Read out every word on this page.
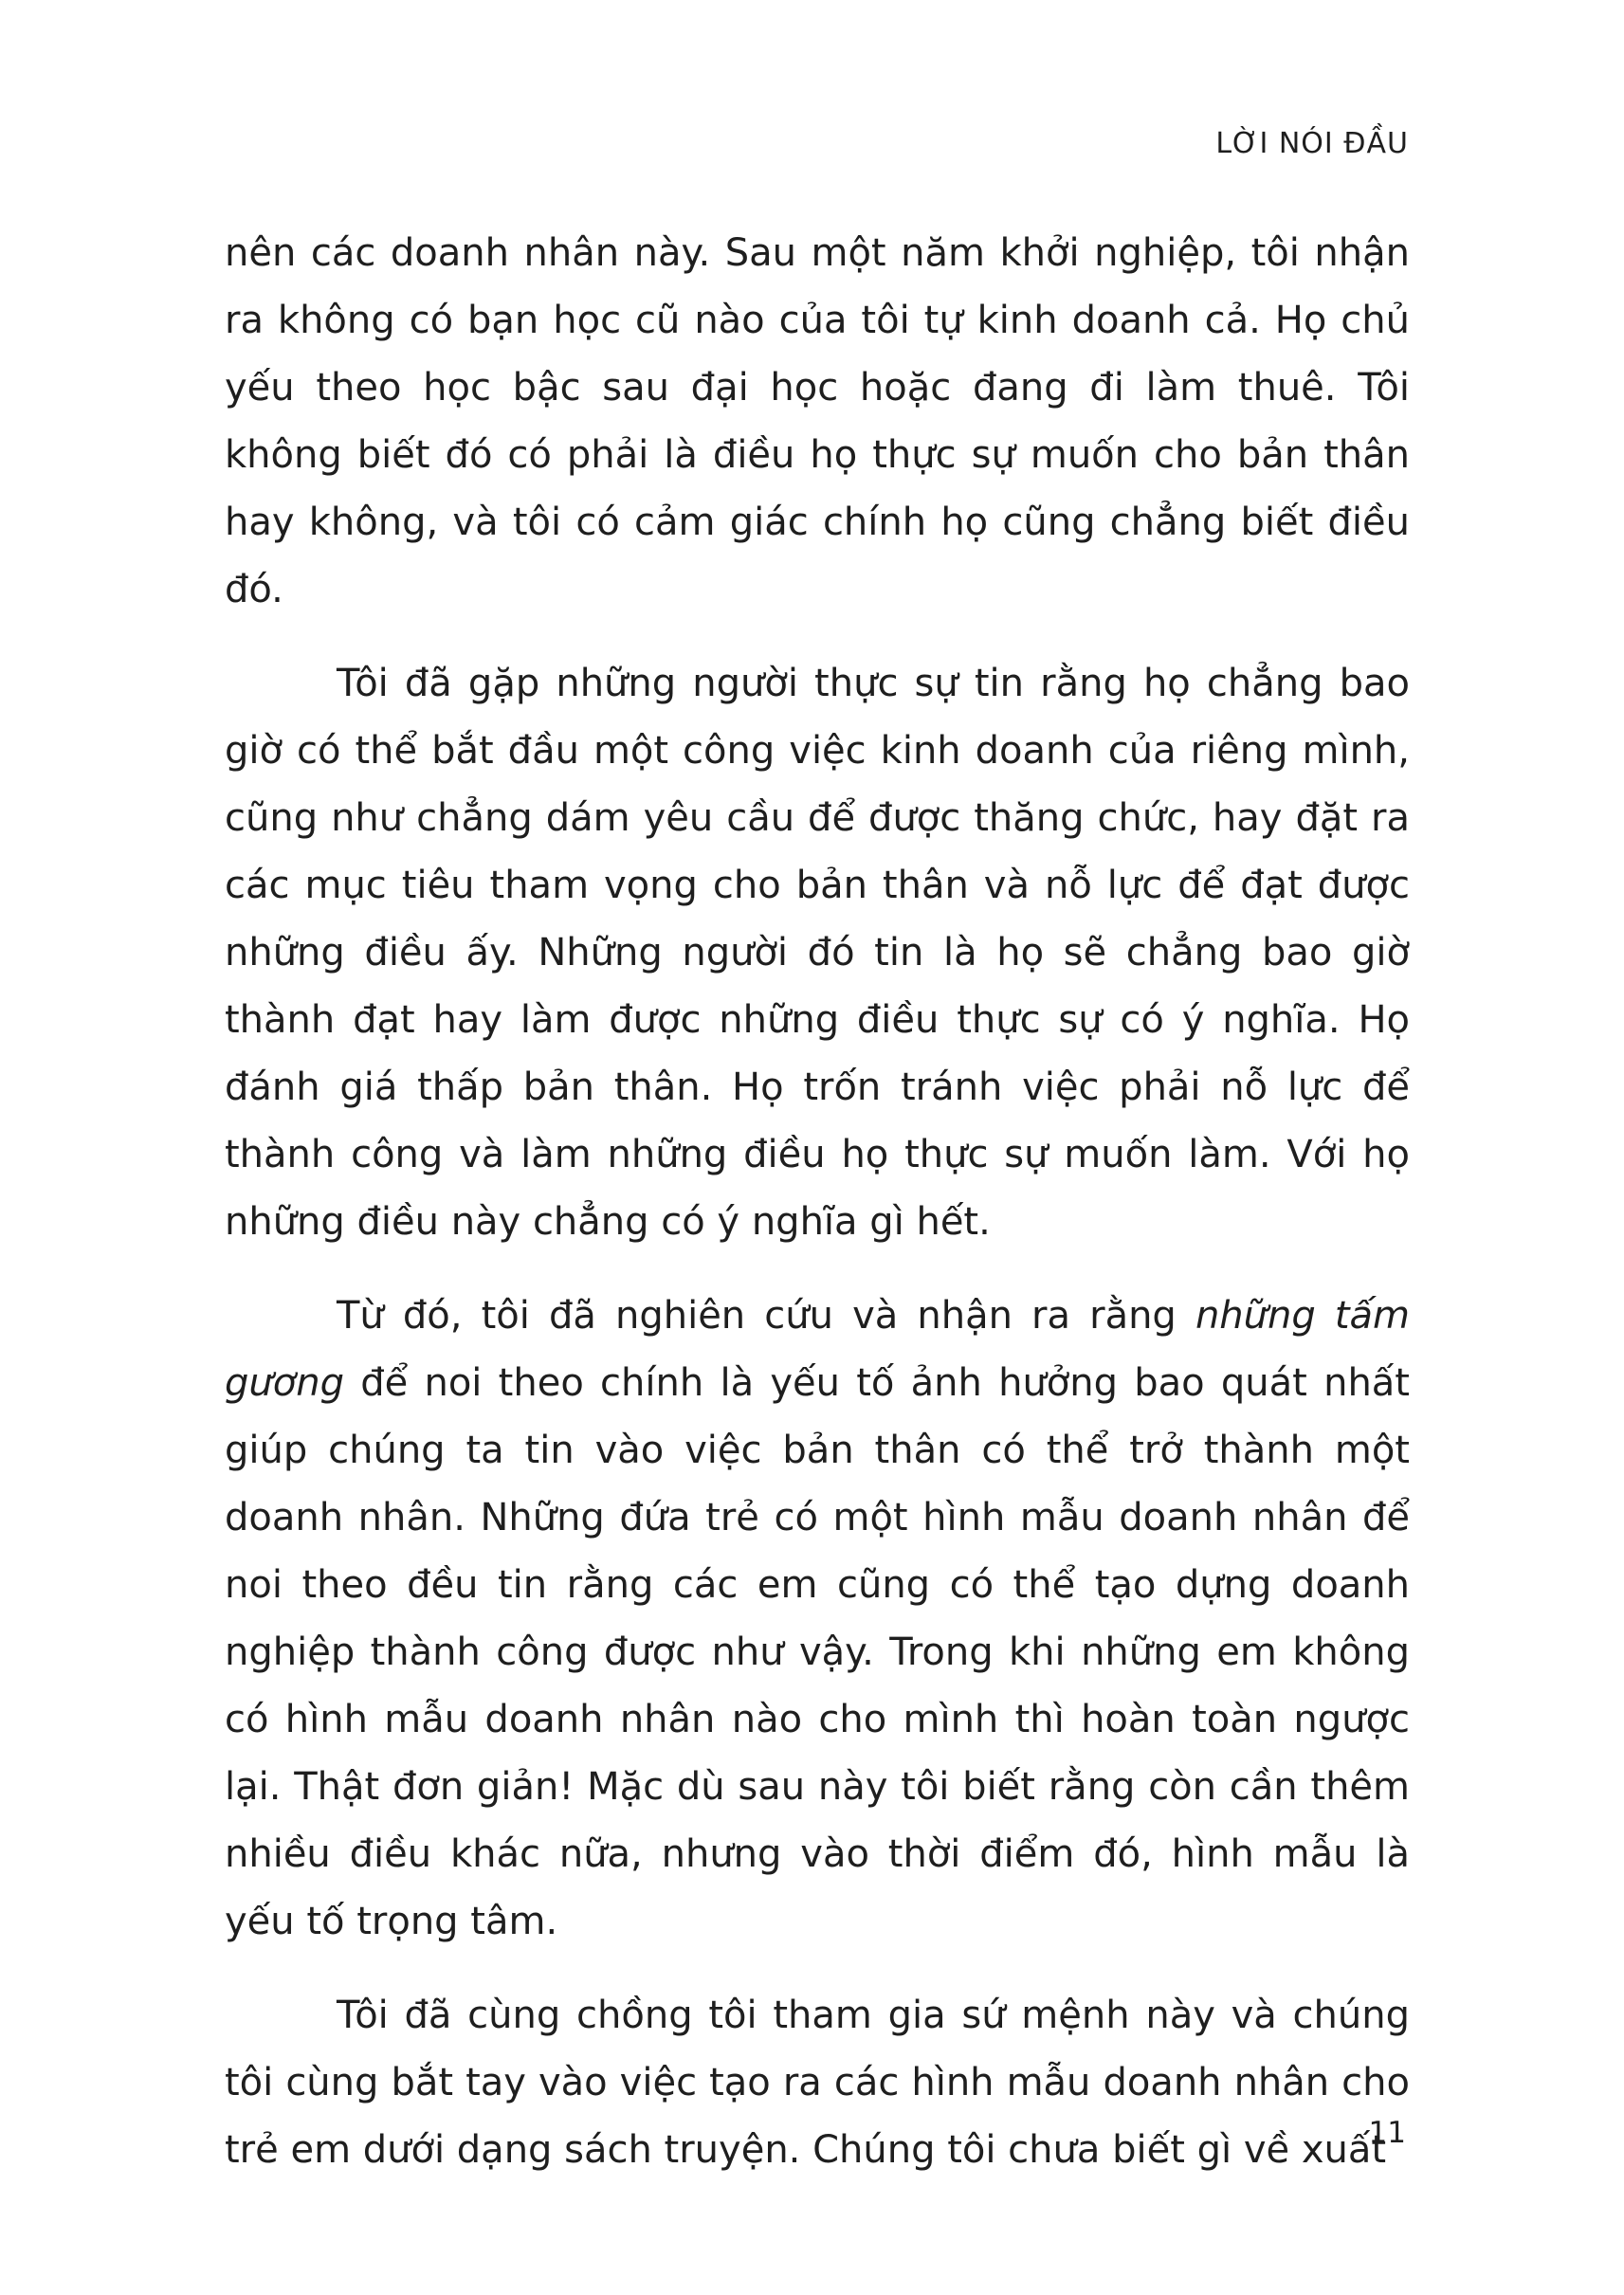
LỜI NÓI ĐẦU

nên các doanh nhân này. Sau một năm khởi nghiệp, tôi nhận ra không có bạn học cũ nào của tôi tự kinh doanh cả. Họ chủ yếu theo học bậc sau đại học hoặc đang đi làm thuê. Tôi không biết đó có phải là điều họ thực sự muốn cho bản thân hay không, và tôi có cảm giác chính họ cũng chẳng biết điều đó.

Tôi đã gặp những người thực sự tin rằng họ chẳng bao giờ có thể bắt đầu một công việc kinh doanh của riêng mình, cũng như chẳng dám yêu cầu để được thăng chức, hay đặt ra các mục tiêu tham vọng cho bản thân và nỗ lực để đạt được những điều ấy. Những người đó tin là họ sẽ chẳng bao giờ thành đạt hay làm được những điều thực sự có ý nghĩa. Họ đánh giá thấp bản thân. Họ trốn tránh việc phải nỗ lực để thành công và làm những điều họ thực sự muốn làm. Với họ những điều này chẳng có ý nghĩa gì hết.

Từ đó, tôi đã nghiên cứu và nhận ra rằng những tấm gương để noi theo chính là yếu tố ảnh hưởng bao quát nhất giúp chúng ta tin vào việc bản thân có thể trở thành một doanh nhân. Những đứa trẻ có một hình mẫu doanh nhân để noi theo đều tin rằng các em cũng có thể tạo dựng doanh nghiệp thành công được như vậy. Trong khi những em không có hình mẫu doanh nhân nào cho mình thì hoàn toàn ngược lại. Thật đơn giản! Mặc dù sau này tôi biết rằng còn cần thêm nhiều điều khác nữa, nhưng vào thời điểm đó, hình mẫu là yếu tố trọng tâm.

Tôi đã cùng chồng tôi tham gia sứ mệnh này và chúng tôi cùng bắt tay vào việc tạo ra các hình mẫu doanh nhân cho trẻ em dưới dạng sách truyện. Chúng tôi chưa biết gì về xuất

11
